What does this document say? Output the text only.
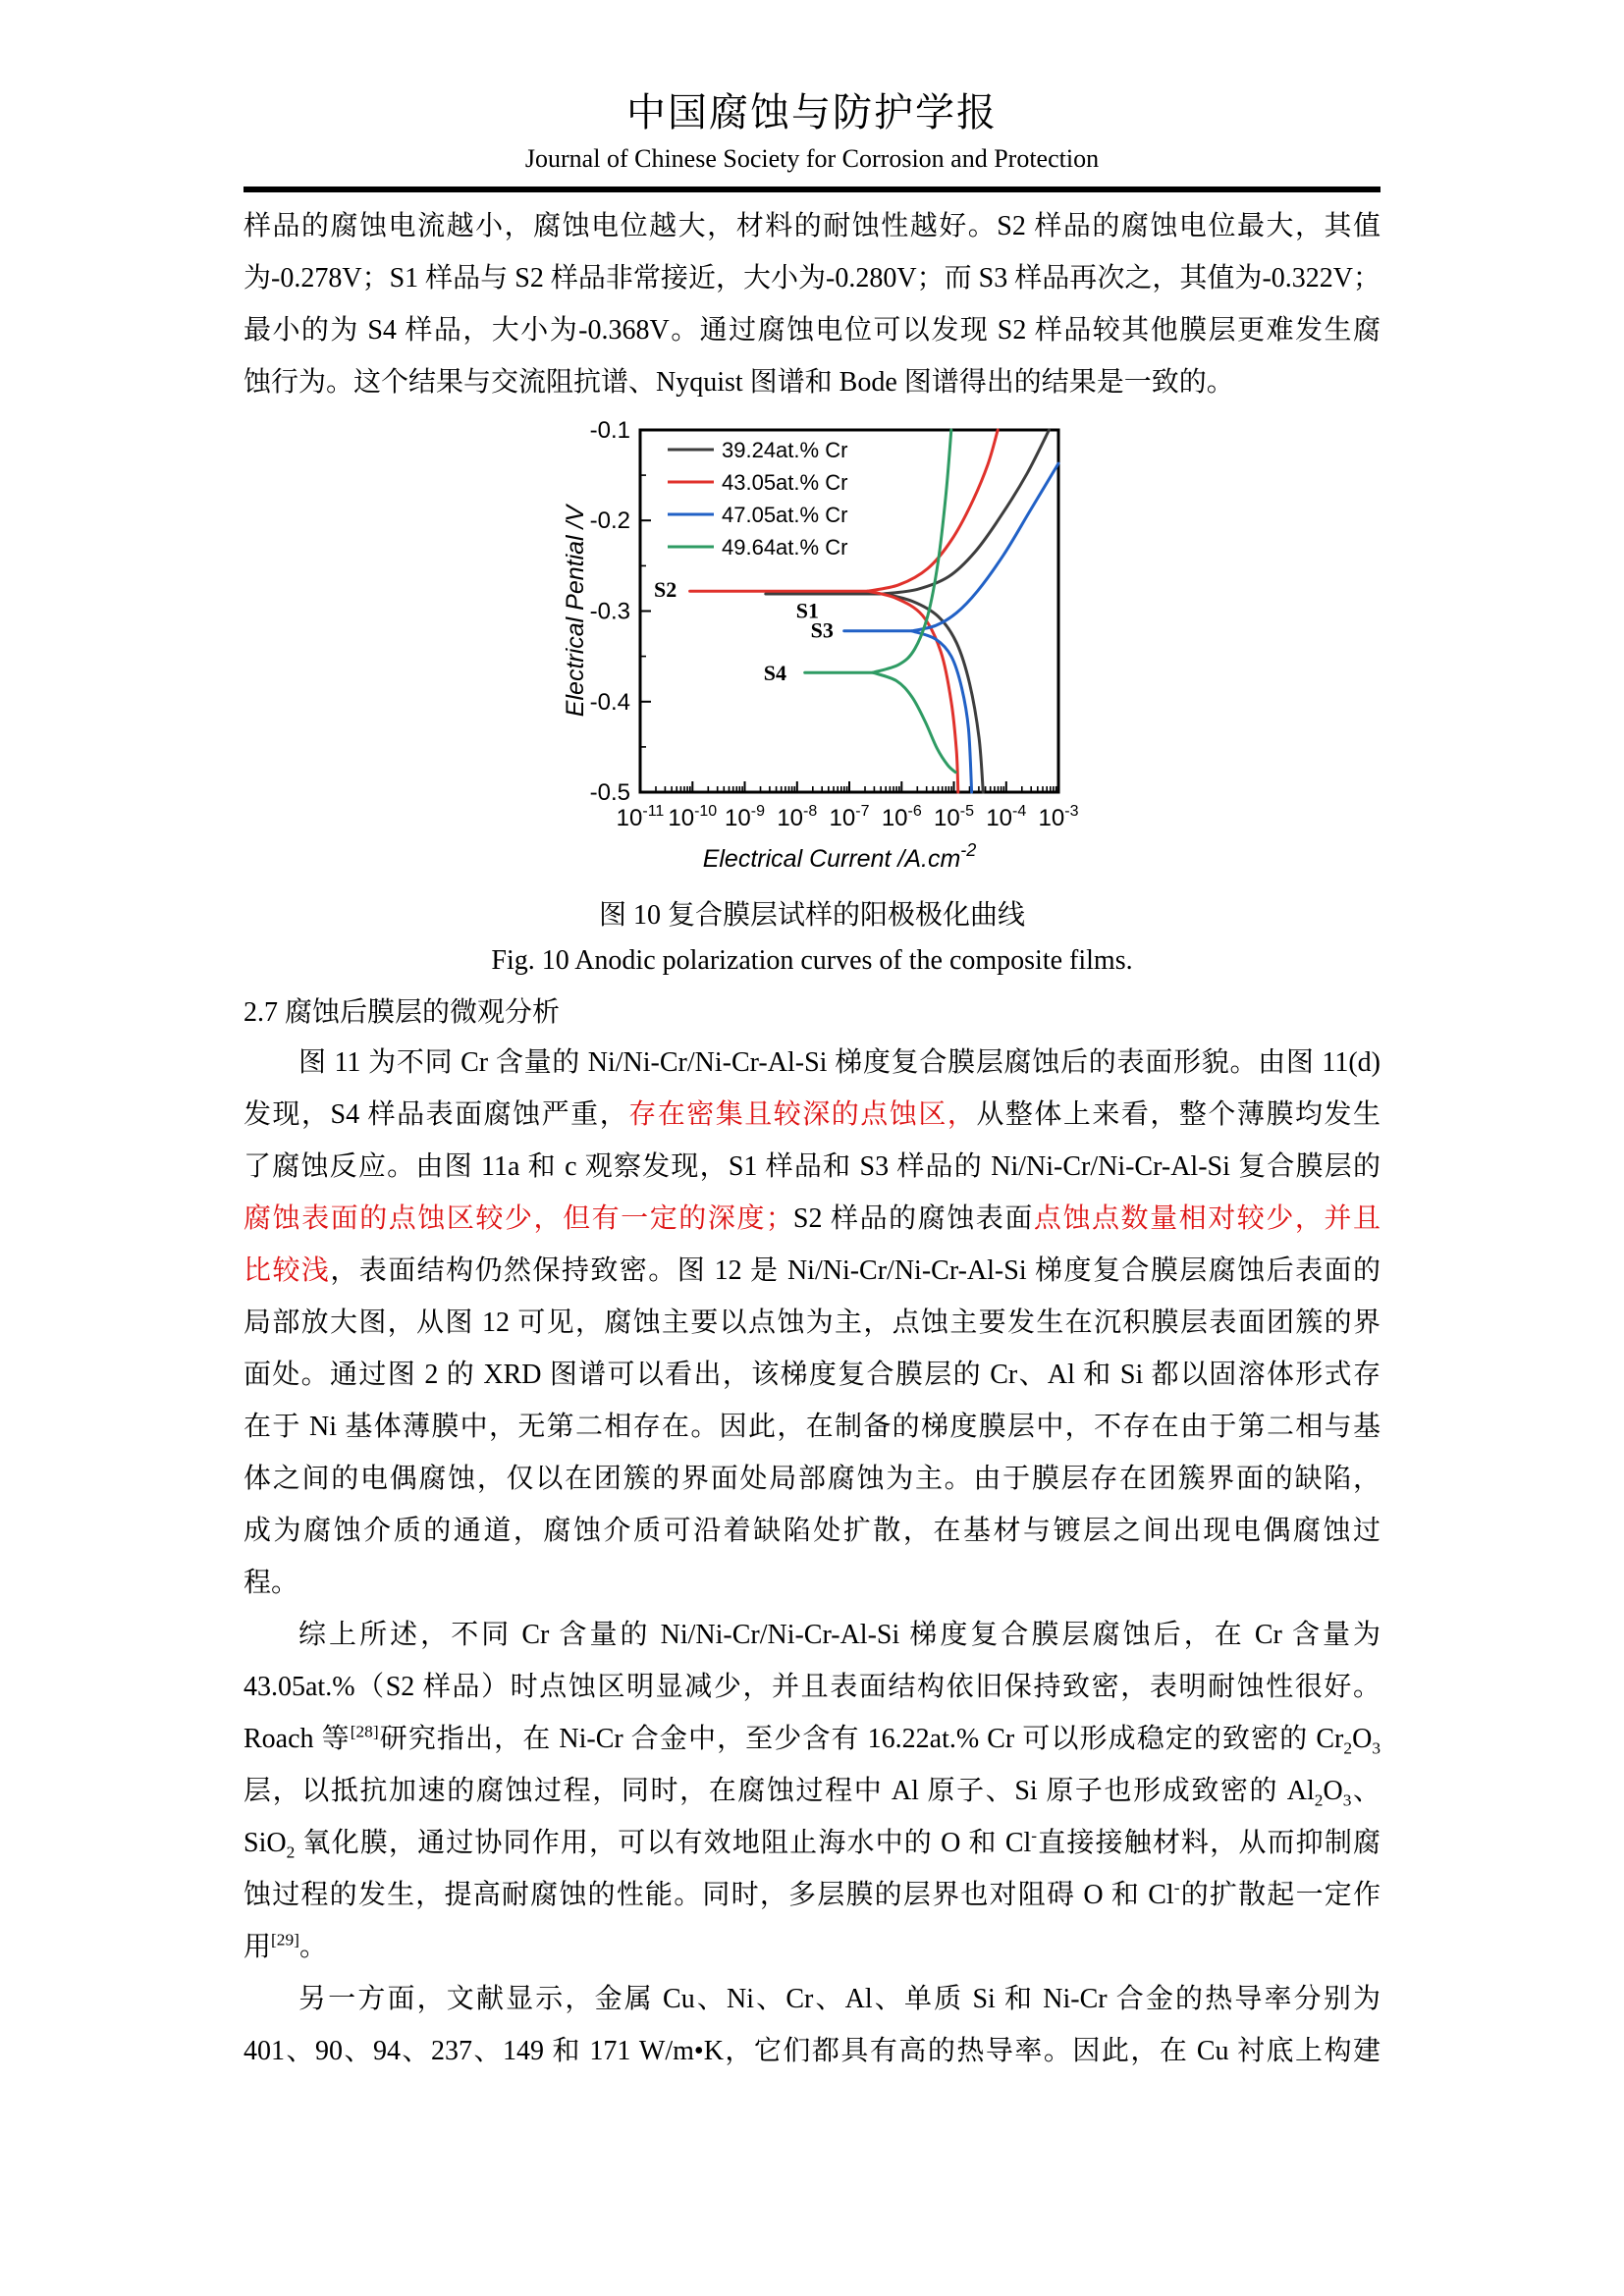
中国腐蚀与防护学报
Journal of Chinese Society for Corrosion and Protection
样品的腐蚀电流越小，腐蚀电位越大，材料的耐蚀性越好。S2 样品的腐蚀电位最大，其值
为-0.278V；S1 样品与 S2 样品非常接近，大小为-0.280V；而 S3 样品再次之，其值为-0.322V；
最小的为 S4 样品，大小为-0.368V。通过腐蚀电位可以发现 S2 样品较其他膜层更难发生腐
蚀行为。这个结果与交流阻抗谱、Nyquist 图谱和 Bode 图谱得出的结果是一致的。
$10^{-11}$ $10^{-10}$ $10^{-9}$ $10^{-8}$ $10^{-7}$ $10^{-6}$ $10^{-5}$ $10^{-4}$ $10^{-3}$
-0.1
-0.2
-0.3
-0.4
-0.5
Electrical Current $/A.cm^{-2}$
Electrical Pential /V
39.24at.% Cr
43.05at.% Cr
47.05at.% Cr
49.64at.% Cr
S1
S2
S3
S4
图 10 复合膜层试样的阳极极化曲线
Fig. 10 Anodic polarization curves of the composite films.
2.7 腐蚀后膜层的微观分析
图 11 为不同 Cr 含量的 Ni/Ni-Cr/Ni-Cr-Al-Si 梯度复合膜层腐蚀后的表面形貌。由图 11(d)
发现，S4 样品表面腐蚀严重，存在密集且较深的点蚀区，从整体上来看，整个薄膜均发生
了腐蚀反应。由图 11a 和 c 观察发现，S1 样品和 S3 样品的 Ni/Ni-Cr/Ni-Cr-Al-Si 复合膜层的
腐蚀表面的点蚀区较少，但有一定的深度；S2 样品的腐蚀表面点蚀点数量相对较少，并且
比较浅，表面结构仍然保持致密。图 12 是 Ni/Ni-Cr/Ni-Cr-Al-Si 梯度复合膜层腐蚀后表面的
局部放大图，从图 12 可见，腐蚀主要以点蚀为主，点蚀主要发生在沉积膜层表面团簇的界
面处。通过图 2 的 XRD 图谱可以看出，该梯度复合膜层的 Cr、Al 和 Si 都以固溶体形式存
在于 Ni 基体薄膜中，无第二相存在。因此，在制备的梯度膜层中，不存在由于第二相与基
体之间的电偶腐蚀，仅以在团簇的界面处局部腐蚀为主。由于膜层存在团簇界面的缺陷，
成为腐蚀介质的通道，腐蚀介质可沿着缺陷处扩散，在基材与镀层之间出现电偶腐蚀过
程。
综上所述，不同 Cr 含量的 Ni/Ni-Cr/Ni-Cr-Al-Si 梯度复合膜层腐蚀后，在 Cr 含量为
43.05at.%（S2 样品）时点蚀区明显减少，并且表面结构依旧保持致密，表明耐蚀性很好。
Roach 等[28]研究指出，在 Ni-Cr 合金中，至少含有 16.22at.% Cr 可以形成稳定的致密的 $Cr_2O_3$
层，以抵抗加速的腐蚀过程，同时，在腐蚀过程中 Al 原子、Si 原子也形成致密的 $Al_2O_3$、
SiO$_2$ 氧化膜，通过协同作用，可以有效地阻止海水中的 O 和 Cl-直接接触材料，从而抑制腐
蚀过程的发生，提高耐腐蚀的性能。同时，多层膜的层界也对阻碍 O 和 Cl-的扩散起一定作
用[29]。
另一方面，文献显示，金属 Cu、Ni、Cr、Al、单质 Si 和 Ni-Cr 合金的热导率分别为
401、90、94、237、149 和 171 W/m•K，它们都具有高的热导率。因此，在 Cu 衬底上构建
